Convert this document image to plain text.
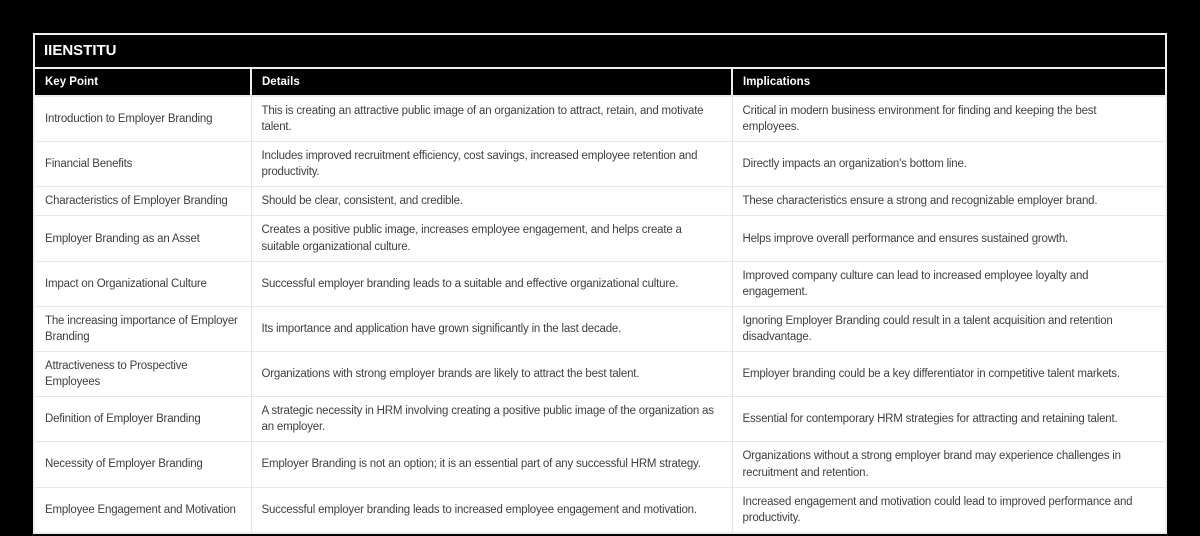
IIENSTITU
Key Point	Details	Implications
Introduction to Employer Branding	This is creating an attractive public image of an organization to attract, retain, and motivate talent.	Critical in modern business environment for finding and keeping the best employees.
Financial Benefits	Includes improved recruitment efficiency, cost savings, increased employee retention and productivity.	Directly impacts an organization's bottom line.
Characteristics of Employer Branding	Should be clear, consistent, and credible.	These characteristics ensure a strong and recognizable employer brand.
Employer Branding as an Asset	Creates a positive public image, increases employee engagement, and helps create a suitable organizational culture.	Helps improve overall performance and ensures sustained growth.
Impact on Organizational Culture	Successful employer branding leads to a suitable and effective organizational culture.	Improved company culture can lead to increased employee loyalty and engagement.
The increasing importance of Employer Branding	Its importance and application have grown significantly in the last decade.	Ignoring Employer Branding could result in a talent acquisition and retention disadvantage.
Attractiveness to Prospective Employees	Organizations with strong employer brands are likely to attract the best talent.	Employer branding could be a key differentiator in competitive talent markets.
Definition of Employer Branding	A strategic necessity in HRM involving creating a positive public image of the organization as an employer.	Essential for contemporary HRM strategies for attracting and retaining talent.
Necessity of Employer Branding	Employer Branding is not an option; it is an essential part of any successful HRM strategy.	Organizations without a strong employer brand may experience challenges in recruitment and retention.
Employee Engagement and Motivation	Successful employer branding leads to increased employee engagement and motivation.	Increased engagement and motivation could lead to improved performance and productivity.
